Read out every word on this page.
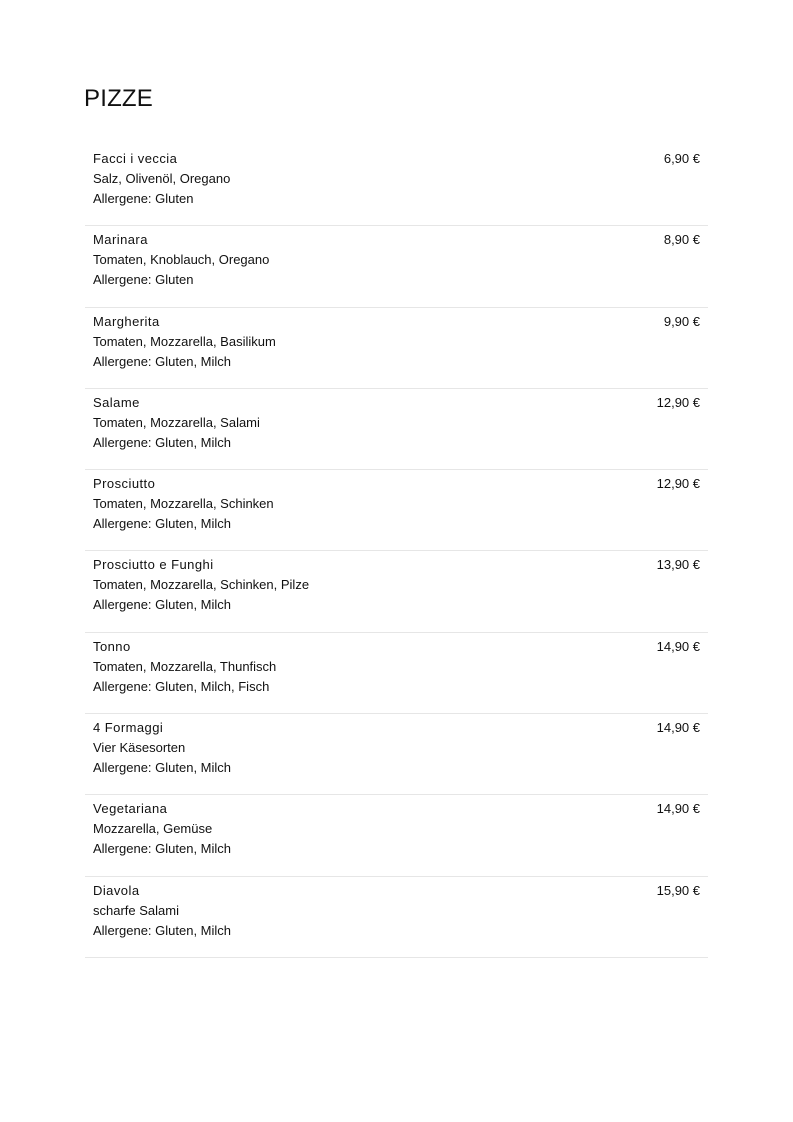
PIZZE
Facci i veccia
Salz, Olivenöl, Oregano
Allergene: Gluten
6,90 €
Marinara
Tomaten, Knoblauch, Oregano
Allergene: Gluten
8,90 €
Margherita
Tomaten, Mozzarella, Basilikum
Allergene: Gluten, Milch
9,90 €
Salame
Tomaten, Mozzarella, Salami
Allergene: Gluten, Milch
12,90 €
Prosciutto
Tomaten, Mozzarella, Schinken
Allergene: Gluten, Milch
12,90 €
Prosciutto e Funghi
Tomaten, Mozzarella, Schinken, Pilze
Allergene: Gluten, Milch
13,90 €
Tonno
Tomaten, Mozzarella, Thunfisch
Allergene: Gluten, Milch, Fisch
14,90 €
4 Formaggi
Vier Käsesorten
Allergene: Gluten, Milch
14,90 €
Vegetariana
Mozzarella, Gemüse
Allergene: Gluten, Milch
14,90 €
Diavola
scharfe Salami
Allergene: Gluten, Milch
15,90 €
